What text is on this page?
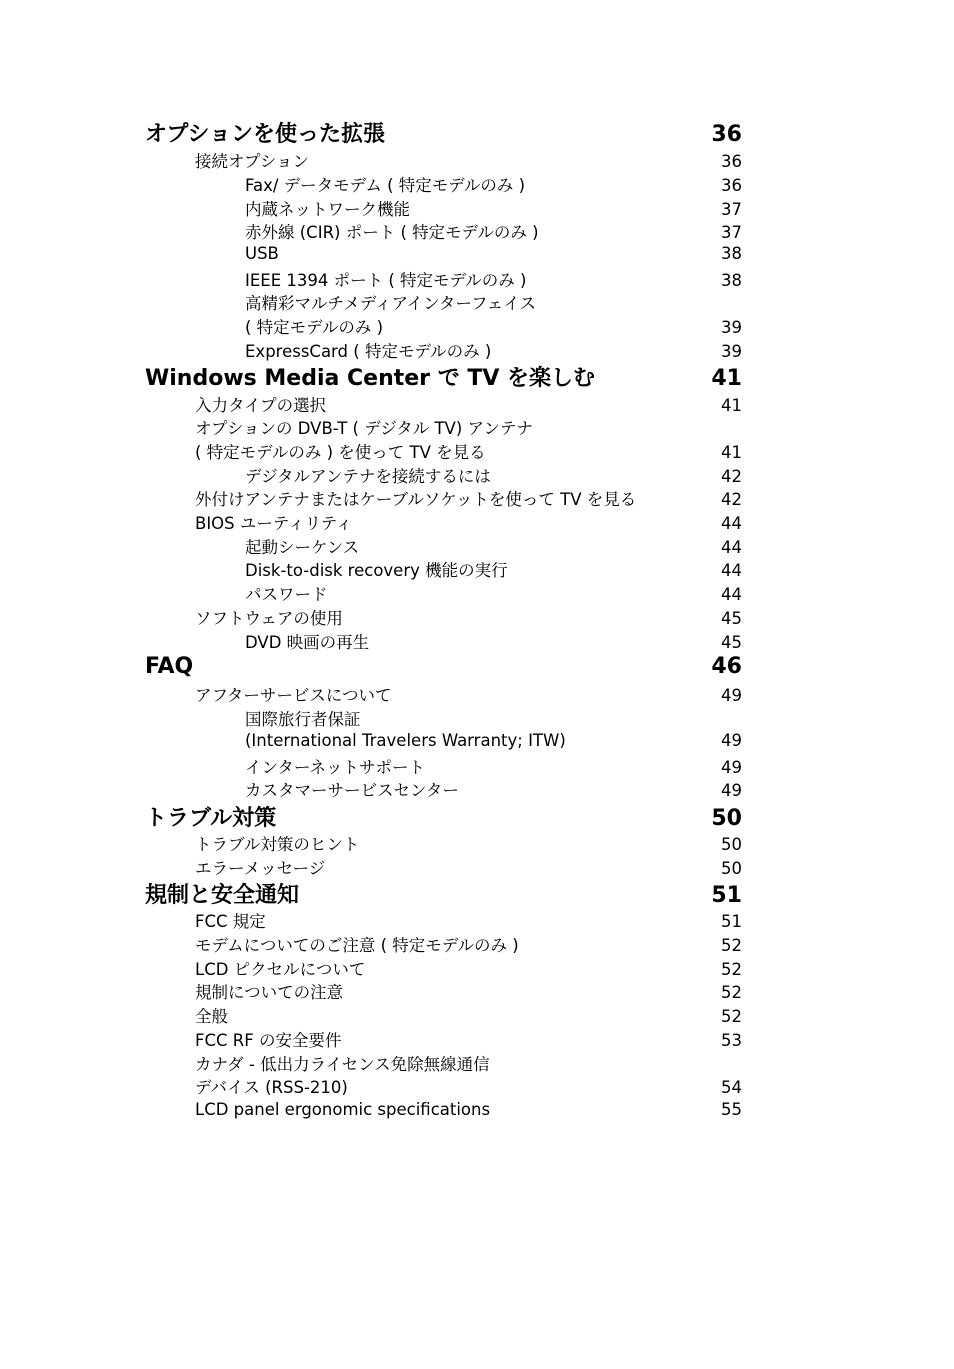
オプションを使った拡張	36
接続オプション	36
Fax/ データモデム ( 特定モデルのみ )	36
内蔵ネットワーク機能	37
赤外線 (CIR) ポート ( 特定モデルのみ )	37
USB	38
IEEE 1394 ポート ( 特定モデルのみ )	38
高精彩マルチメディアインターフェイス
( 特定モデルのみ )	39
ExpressCard ( 特定モデルのみ )	39
Windows Media Center で TV を楽しむ	41
入力タイプの選択	41
オプションの DVB-T ( デジタル TV) アンテナ
( 特定モデルのみ ) を使って TV を見る	41
デジタルアンテナを接続するには	42
外付けアンテナまたはケーブルソケットを使って TV を見る	42
BIOS ユーティリティ	44
起動シーケンス	44
Disk-to-disk recovery 機能の実行	44
パスワード	44
ソフトウェアの使用	45
DVD 映画の再生	45
FAQ	46
アフターサービスについて	49
国際旅行者保証
(International Travelers Warranty; ITW)	49
インターネットサポート	49
カスタマーサービスセンター	49
トラブル対策	50
トラブル対策のヒント	50
エラーメッセージ	50
規制と安全通知	51
FCC 規定	51
モデムについてのご注意 ( 特定モデルのみ )	52
LCD ピクセルについて	52
規制についての注意	52
全般	52
FCC RF の安全要件	53
カナダ - 低出力ライセンス免除無線通信
デバイス (RSS-210)	54
LCD panel ergonomic specifications	55
